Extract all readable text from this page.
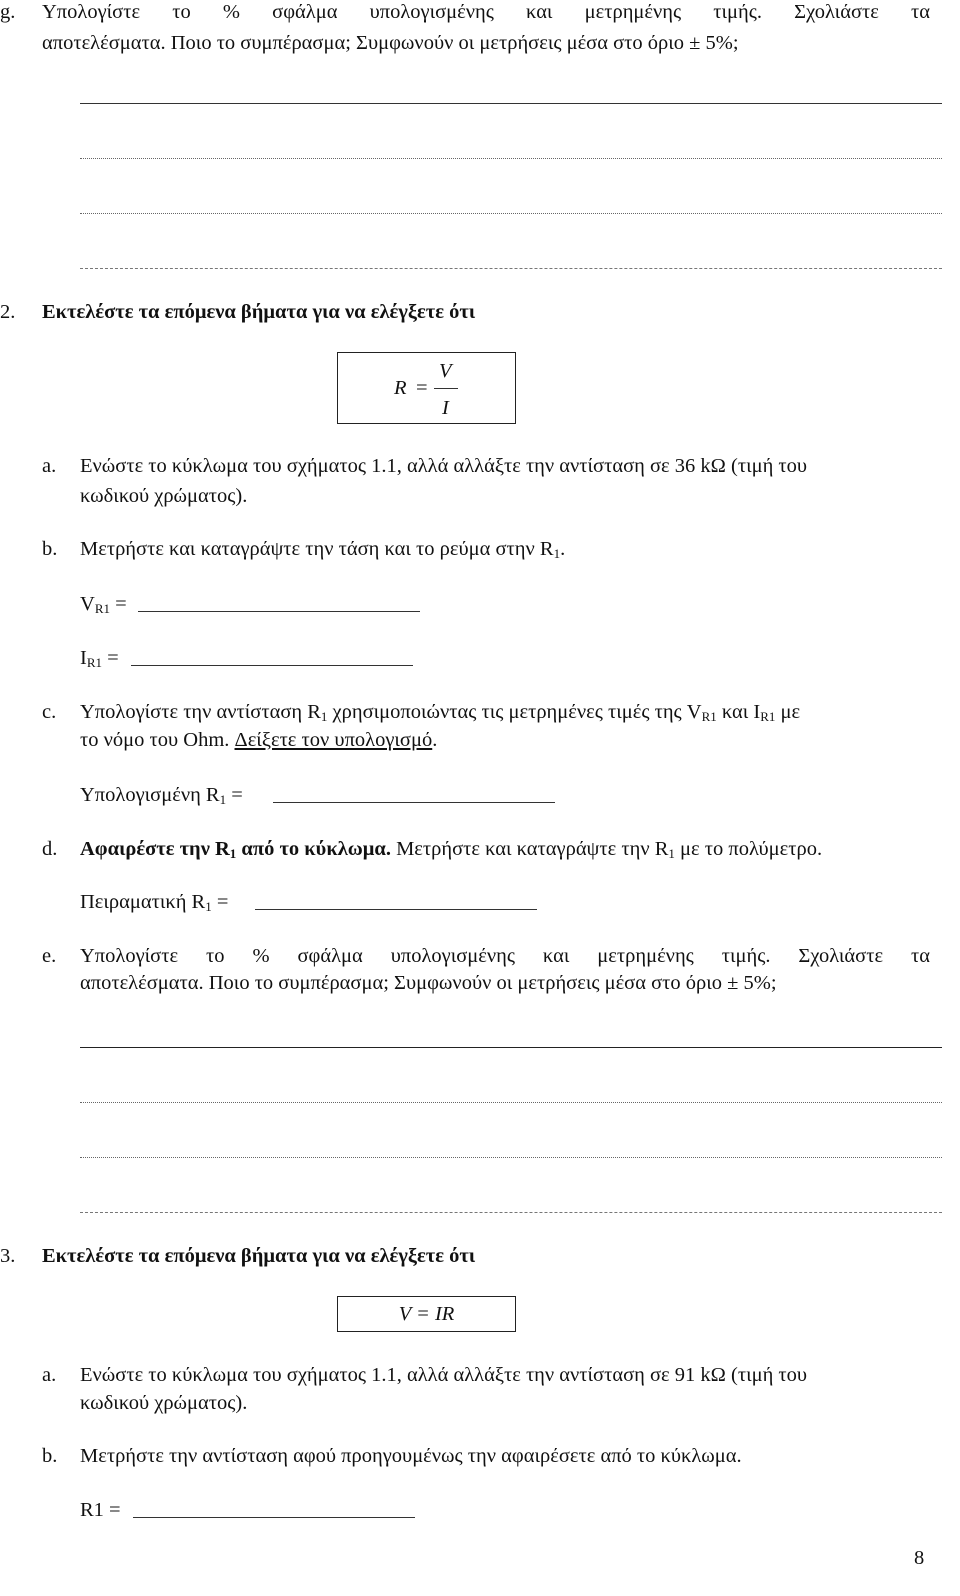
g. Υπολογίστε το % σφάλμα υπολογισμένης και μετρημένης τιμής. Σχολιάστε τα
αποτελέσματα. Ποιο το συμπέρασμα; Συμφωνούν οι μετρήσεις μέσα στο όριο ± 5%;
2. Εκτελέστε τα επόμενα βήματα για να ελέγξετε ότι
R =
V
I
a. Ενώστε το κύκλωμα του σχήματος 1.1, αλλά αλλάξτε την αντίσταση σε 36 kΩ (τιμή του
κωδικού χρώματος).
b. Μετρήστε και καταγράψτε την τάση και το ρεύμα στην $R_1$.
$V_{R1}$ =
$I_{R1}$ =
c. Υπολογίστε την αντίσταση $R_1$ χρησιμοποιώντας τις μετρημένες τιμές της $V_{R1}$ και $I_{R1}$ με
το νόμο του Ohm. Δείξετε τον υπολογισμό.
Υπολογισμένη $R_1$ =
d. Αφαιρέστε την $R_1$ από το κύκλωμα. Μετρήστε και καταγράψτε την $R_1$ με το πολύμετρο.
Πειραματική $R_1$ =
e. Υπολογίστε το % σφάλμα υπολογισμένης και μετρημένης τιμής. Σχολιάστε τα
αποτελέσματα. Ποιο το συμπέρασμα; Συμφωνούν οι μετρήσεις μέσα στο όριο ± 5%;
3. Εκτελέστε τα επόμενα βήματα για να ελέγξετε ότι
V = IR
a. Ενώστε το κύκλωμα του σχήματος 1.1, αλλά αλλάξτε την αντίσταση σε 91 kΩ (τιμή του
κωδικού χρώματος).
b. Μετρήστε την αντίσταση αφού προηγουμένως την αφαιρέσετε από το κύκλωμα.
R1 =
8
